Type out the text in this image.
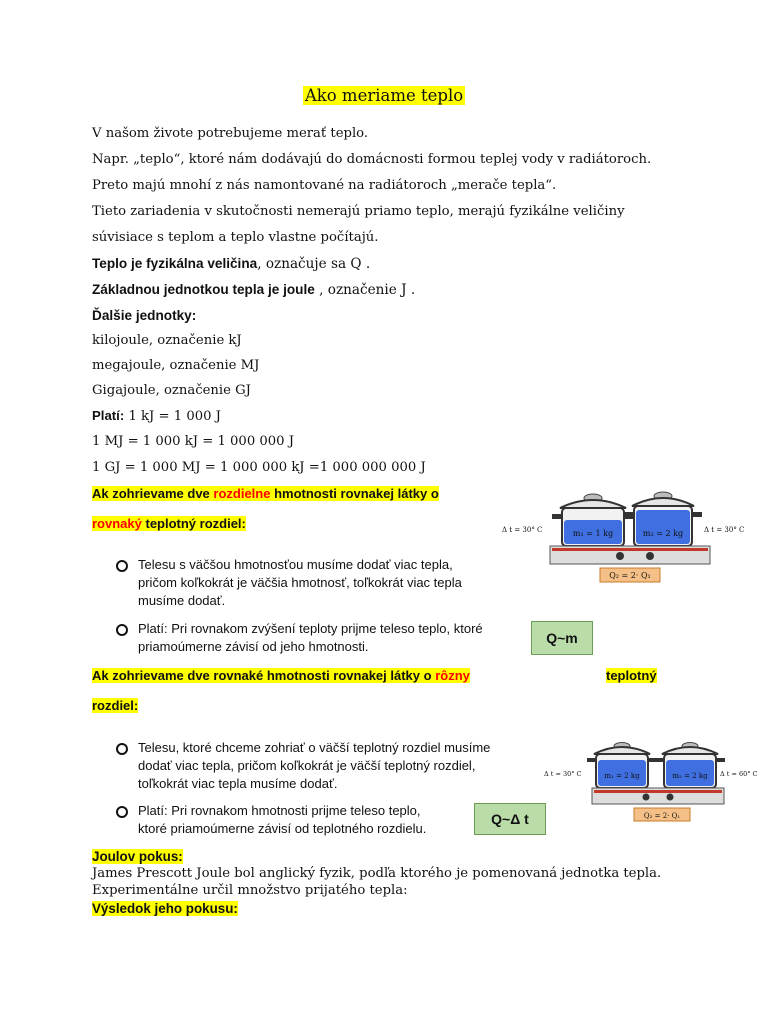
Ako meriame teplo
V našom živote potrebujeme merať teplo.
Napr. „teplo“, ktoré nám dodávajú do domácnosti formou teplej vody v radiátoroch.
Preto majú mnohí z nás namontované na radiátoroch „merače tepla“.
Tieto zariadenia v skutočnosti nemerajú priamo teplo, merajú fyzikálne veličiny
súvisiace s teplom a teplo vlastne počítajú.
Teplo je fyzikálna veličina, označuje sa Q .
Základnou jednotkou tepla je joule , označenie J .
Ďalšie jednotky:
kilojoule, označenie kJ
megajoule, označenie MJ
Gigajoule, označenie GJ
Platí: 1 kJ = 1 000 J
1 MJ = 1 000 kJ = 1 000 000 J
1 GJ = 1 000 MJ = 1 000 000 kJ =1 000 000 000 J
Ak zohrievame dve rozdielne hmotnosti rovnakej látky o
rovnaký teplotný rozdiel:
Telesu s väčšou hmotnosťou musíme dodať viac tepla,
pričom koľkokrát je väčšia hmotnosť, toľkokrát viac tepla
musíme dodať.
Platí: Pri rovnakom zvýšení teploty prijme teleso teplo, ktoré
priamoúmerne závisí od jeho hmotnosti.
Q~m
m₁ = 1 kg	m₂ = 2 kg
Δ t = 30° C	Δ t = 30° C
Q₂ = 2· Q₁
Ak zohrievame dve rovnaké hmotnosti rovnakej látky o rôzny	teplotný
rozdiel:
Telesu, ktoré chceme zohriať o väčší teplotný rozdiel musíme
dodať viac tepla, pričom koľkokrát je väčší teplotný rozdiel,
toľkokrát viac tepla musíme dodať.
Platí: Pri rovnakom hmotnosti prijme teleso teplo,
ktoré priamoúmerne závisí od teplotného rozdielu.
Q~Δ t
m₁ = 2 kg	m₂ = 2 kg
Δ t = 30° C	Δ t = 60° C
Q₂ = 2· Q₁
Joulov pokus:
James Prescott Joule bol anglický fyzik, podľa ktorého je pomenovaná jednotka tepla.
Experimentálne určil množstvo prijatého tepla:
Výsledok jeho pokusu:
